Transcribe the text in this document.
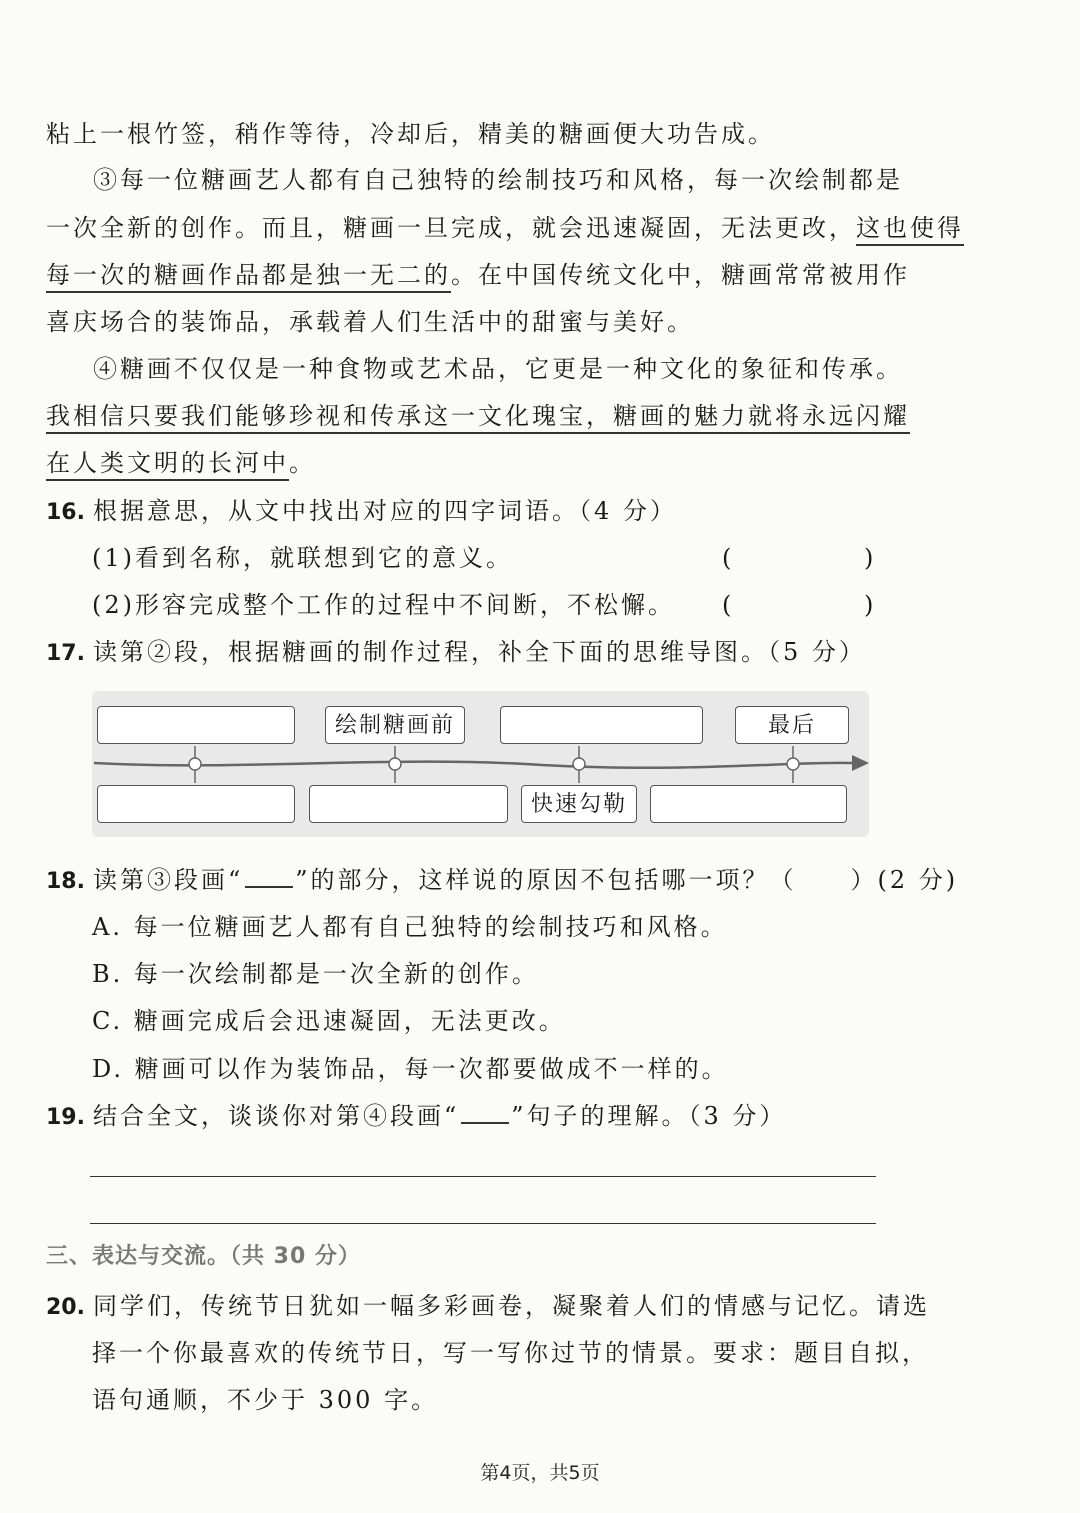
粘上一根竹签，稍作等待，冷却后，精美的糖画便大功告成。
③每一位糖画艺人都有自己独特的绘制技巧和风格，每一次绘制都是
一次全新的创作。而且，糖画一旦完成，就会迅速凝固，无法更改，这也使得
每一次的糖画作品都是独一无二的。在中国传统文化中，糖画常常被用作
喜庆场合的装饰品，承载着人们生活中的甜蜜与美好。
④糖画不仅仅是一种食物或艺术品，它更是一种文化的象征和传承。
我相信只要我们能够珍视和传承这一文化瑰宝，糖画的魅力就将永远闪耀
在人类文明的长河中。
16. 根据意思，从文中找出对应的四字词语。（4 分）
(1)看到名称，就联想到它的意义。	(	)
(2)形容完成整个工作的过程中不间断，不松懈。 (	)
17. 读第②段，根据糖画的制作过程，补全下面的思维导图。（5 分）
绘制糖画前	最后
快速勾勒
18. 读第③段画“ ”的部分，这样说的原因不包括哪一项？（　　）(2 分)
A. 每一位糖画艺人都有自己独特的绘制技巧和风格。
B. 每一次绘制都是一次全新的创作。
C. 糖画完成后会迅速凝固，无法更改。
D. 糖画可以作为装饰品，每一次都要做成不一样的。
19. 结合全文，谈谈你对第④段画“ ”句子的理解。（3 分）
三、表达与交流。（共 30 分）
20. 同学们，传统节日犹如一幅多彩画卷，凝聚着人们的情感与记忆。请选
择一个你最喜欢的传统节日，写一写你过节的情景。要求：题目自拟，
语句通顺，不少于 300 字。
第4页，共5页
